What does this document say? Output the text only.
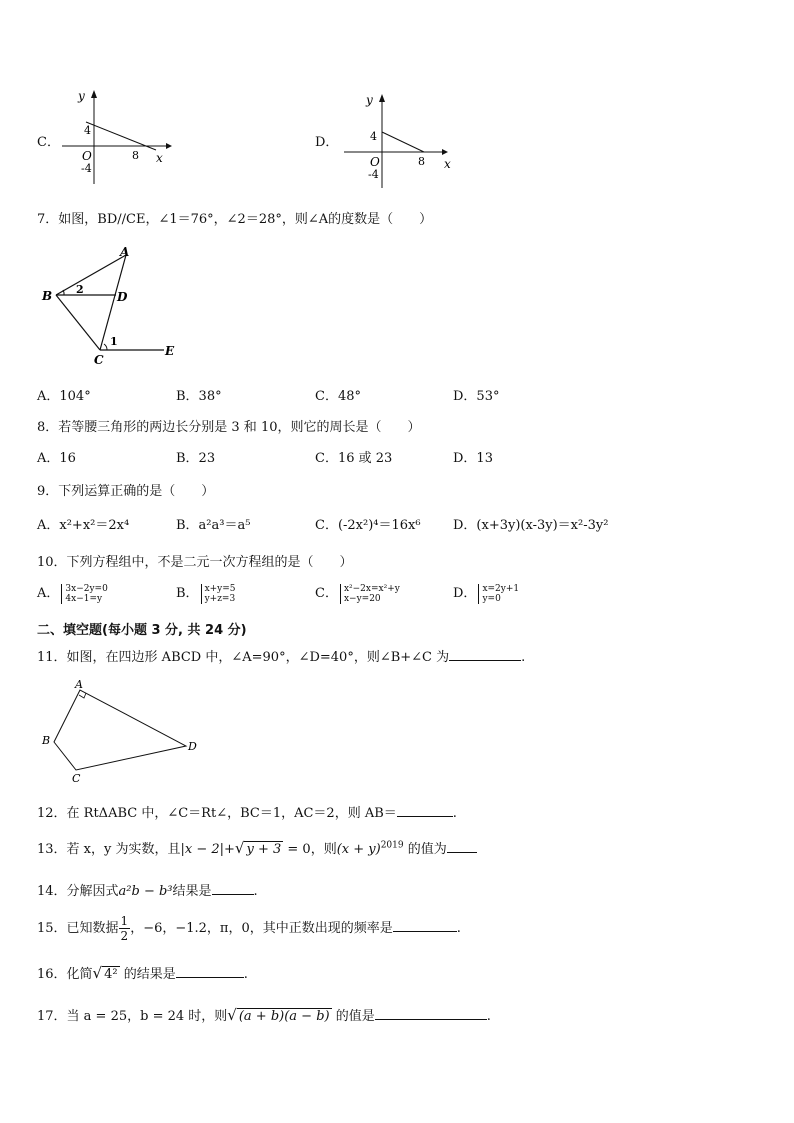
C．
y
x
4
O
-4
8
D．
y
x
4
O
-4
8
7．如图，BD//CE，∠1＝76°，∠2＝28°，则∠A的度数是（　　）
A
B
C
D
E
1
2
A．104°	B．38°	C．48°	D．53°
8．若等腰三角形的两边长分别是 3 和 10，则它的周长是（　　）
A．16	B．23	C．16 或 23	D．13
9．下列运算正确的是（　　）
A．x²+x²＝2x⁴	B．a²a³＝a⁵	C．(-2x²)⁴＝16x⁶ D．(x+3y)(x-3y)＝x²-3y²
10．下列方程组中，不是二元一次方程组的是（　　）
A． 3x−2y=0
4x−1=y	B． x+y=5
y+z=3	C． x²−2x=x²+y
x−y=20	D． x=2y+1
y=0
二、填空题(每小题 3 分, 共 24 分)
11．如图，在四边形 ABCD 中，∠A=90°，∠D=40°，则∠B+∠C 为	.
A
B
C
D
12．在 RtΔABC 中，∠C＝Rt∠，BC＝1，AC＝2，则 AB＝	.
13．若 x，y 为实数，且|x − 2|+√ y + 3 = 0，则$(x + y)^{2019}$ 的值为
14．分解因式a²b − b³结果是	.
15．已知数据 $\frac{1}{2}$ ，−6，−1.2，π，0，其中正数出现的频率是	.
16．化简√ 4² 的结果是	.
17．当 a = 25，b = 24 时，则√ (a + b)(a − b) 的值是	.
